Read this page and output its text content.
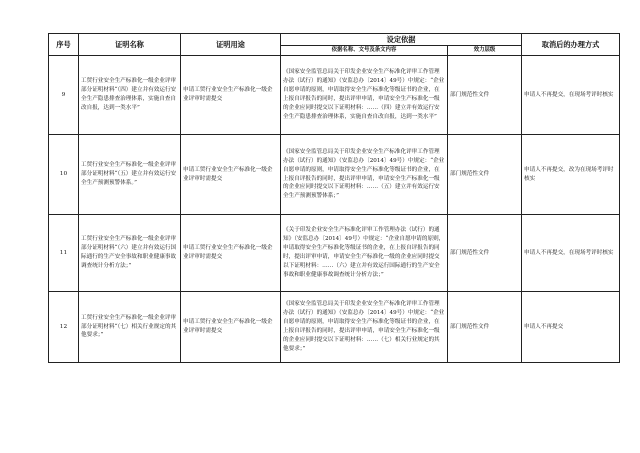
序号	证明名称	证明用途	设定依据		取消后的办理方式
			依据名称、文号及条文内容	效力层级	
9	工贸行业安全生产标准化一级企业评审部分证明材料“（四）建立并有效运行安全生产隐患排查治理体系，实施自查自改自报，达到一类水平”	申请工贸行业安全生产标准化一级企业评审时需提交	《国家安全监管总局关于印发企业安全生产标准化评审工作管理办法（试行）的通知》（安监总办〔2014〕49号）中规定：“企业自愿申请的原则，申请取得安全生产标准化等级证书的企业，在上报自评报告的同时，提出评审申请，申请安全生产标准化一级的企业应同时提交以下证明材料：……（四）建立并有效运行安全生产隐患排查治理体系，实施自查自改自报，达到一类水平”	部门规范性文件	申请人不再提交，在现场考评时核实
10	工贸行业安全生产标准化一级企业评审部分证明材料“（五）建立并有效运行安全生产预测预警体系。”	申请工贸行业安全生产标准化一级企业评审时需提交	《国家安全监管总局关于印发企业安全生产标准化评审工作管理办法（试行）的通知》（安监总办〔2014〕49号）中规定：“企业自愿申请的原则，申请取得安全生产标准化等级证书的企业，在上报自评报告的同时，提出评审申请，申请安全生产标准化一级的企业应同时提交以下证明材料：……（五）建立并有效运行安全生产预测预警体系；”	部门规范性文件	申请人不再提交，改为在现场考评时核实
11	工贸行业安全生产标准化一级企业评审部分证明材料“（六）建立并有效运行国际通行的生产安全事故和职业健康事故调查统计分析方法；”	申请工贸行业安全生产标准化一级企业评审时需提交	《关于印发企业安全生产标准化评审工作管理办法（试行）的通知》（安监总办〔2014〕49号）中规定：“企业自愿申请的原则，申请取得安全生产标准化等级证书的企业，在上报自评报告的同时，提出评审申请，申请安全生产标准化一级的企业应同时提交以下证明材料：……（六）建立并有效运行国际通行的生产安全事故和职业健康事故调查统计分析方法；”	部门规范性文件	申请人不再提交，在现场考评时核实
12	工贸行业安全生产标准化一级企业评审部分证明材料“（七）相关行业规定的其他要求；”	申请工贸行业安全生产标准化一级企业评审时需提交	《国家安全监管总局关于印发企业安全生产标准化评审工作管理办法（试行）的通知》（安监总办〔2014〕49号）中规定：“企业自愿申请的原则，申请取得安全生产标准化等级证书的企业，在上报自评报告的同时，提出评审申请，申请安全生产标准化一级的企业应同时提交以下证明材料：……（七）相关行业规定的其他要求；”	部门规范性文件	申请人不再提交
